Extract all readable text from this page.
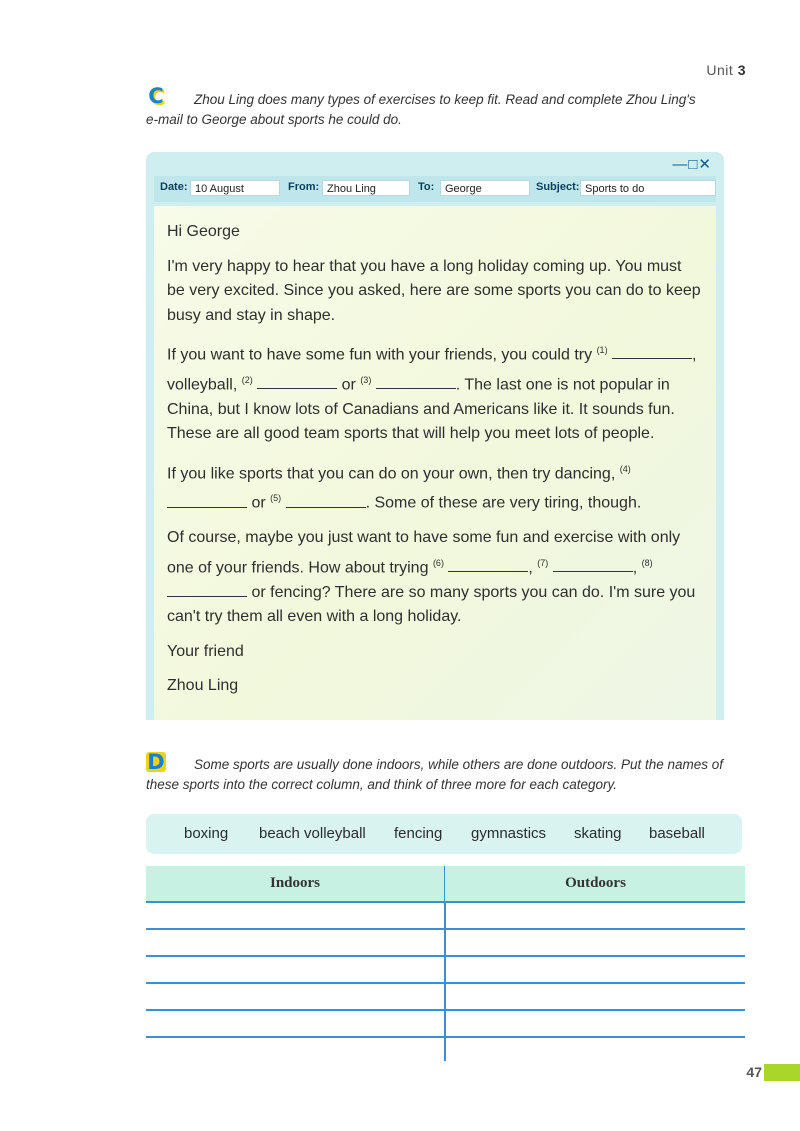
Unit 3
C	Zhou Ling does many types of exercises to keep fit. Read and complete Zhou Ling's e-mail to George about sports he could do.
—□✕
Date: 10 August	From: Zhou Ling	To: George	Subject: Sports to do

Hi George

I'm very happy to hear that you have a long holiday coming up. You must be very excited. Since you asked, here are some sports you can do to keep busy and stay in shape.

If you want to have some fun with your friends, you could try $^{(1)}$	, volleyball, $^{(2)}$	or $^{(3)}$	. The last one is not popular in China, but I know lots of Canadians and Americans like it. It sounds fun. These are all good team sports that will help you meet lots of people.

If you like sports that you can do on your own, then try dancing, $^{(4)}$  or $^{(5)}$	. Some of these are very tiring, though.

Of course, maybe you just want to have some fun and exercise with only one of your friends. How about trying $^{(6)}$	, $^{(7)}$	, $^{(8)}$  or fencing? There are so many sports you can do. I'm sure you can't try them all even with a long holiday.

Your friend

Zhou Ling

D	Some sports are usually done indoors, while others are done outdoors. Put the names of these sports into the correct column, and think of three more for each category.
boxing beach volleyball fencing gymnastics skating baseball
Indoors	Outdoors
47
